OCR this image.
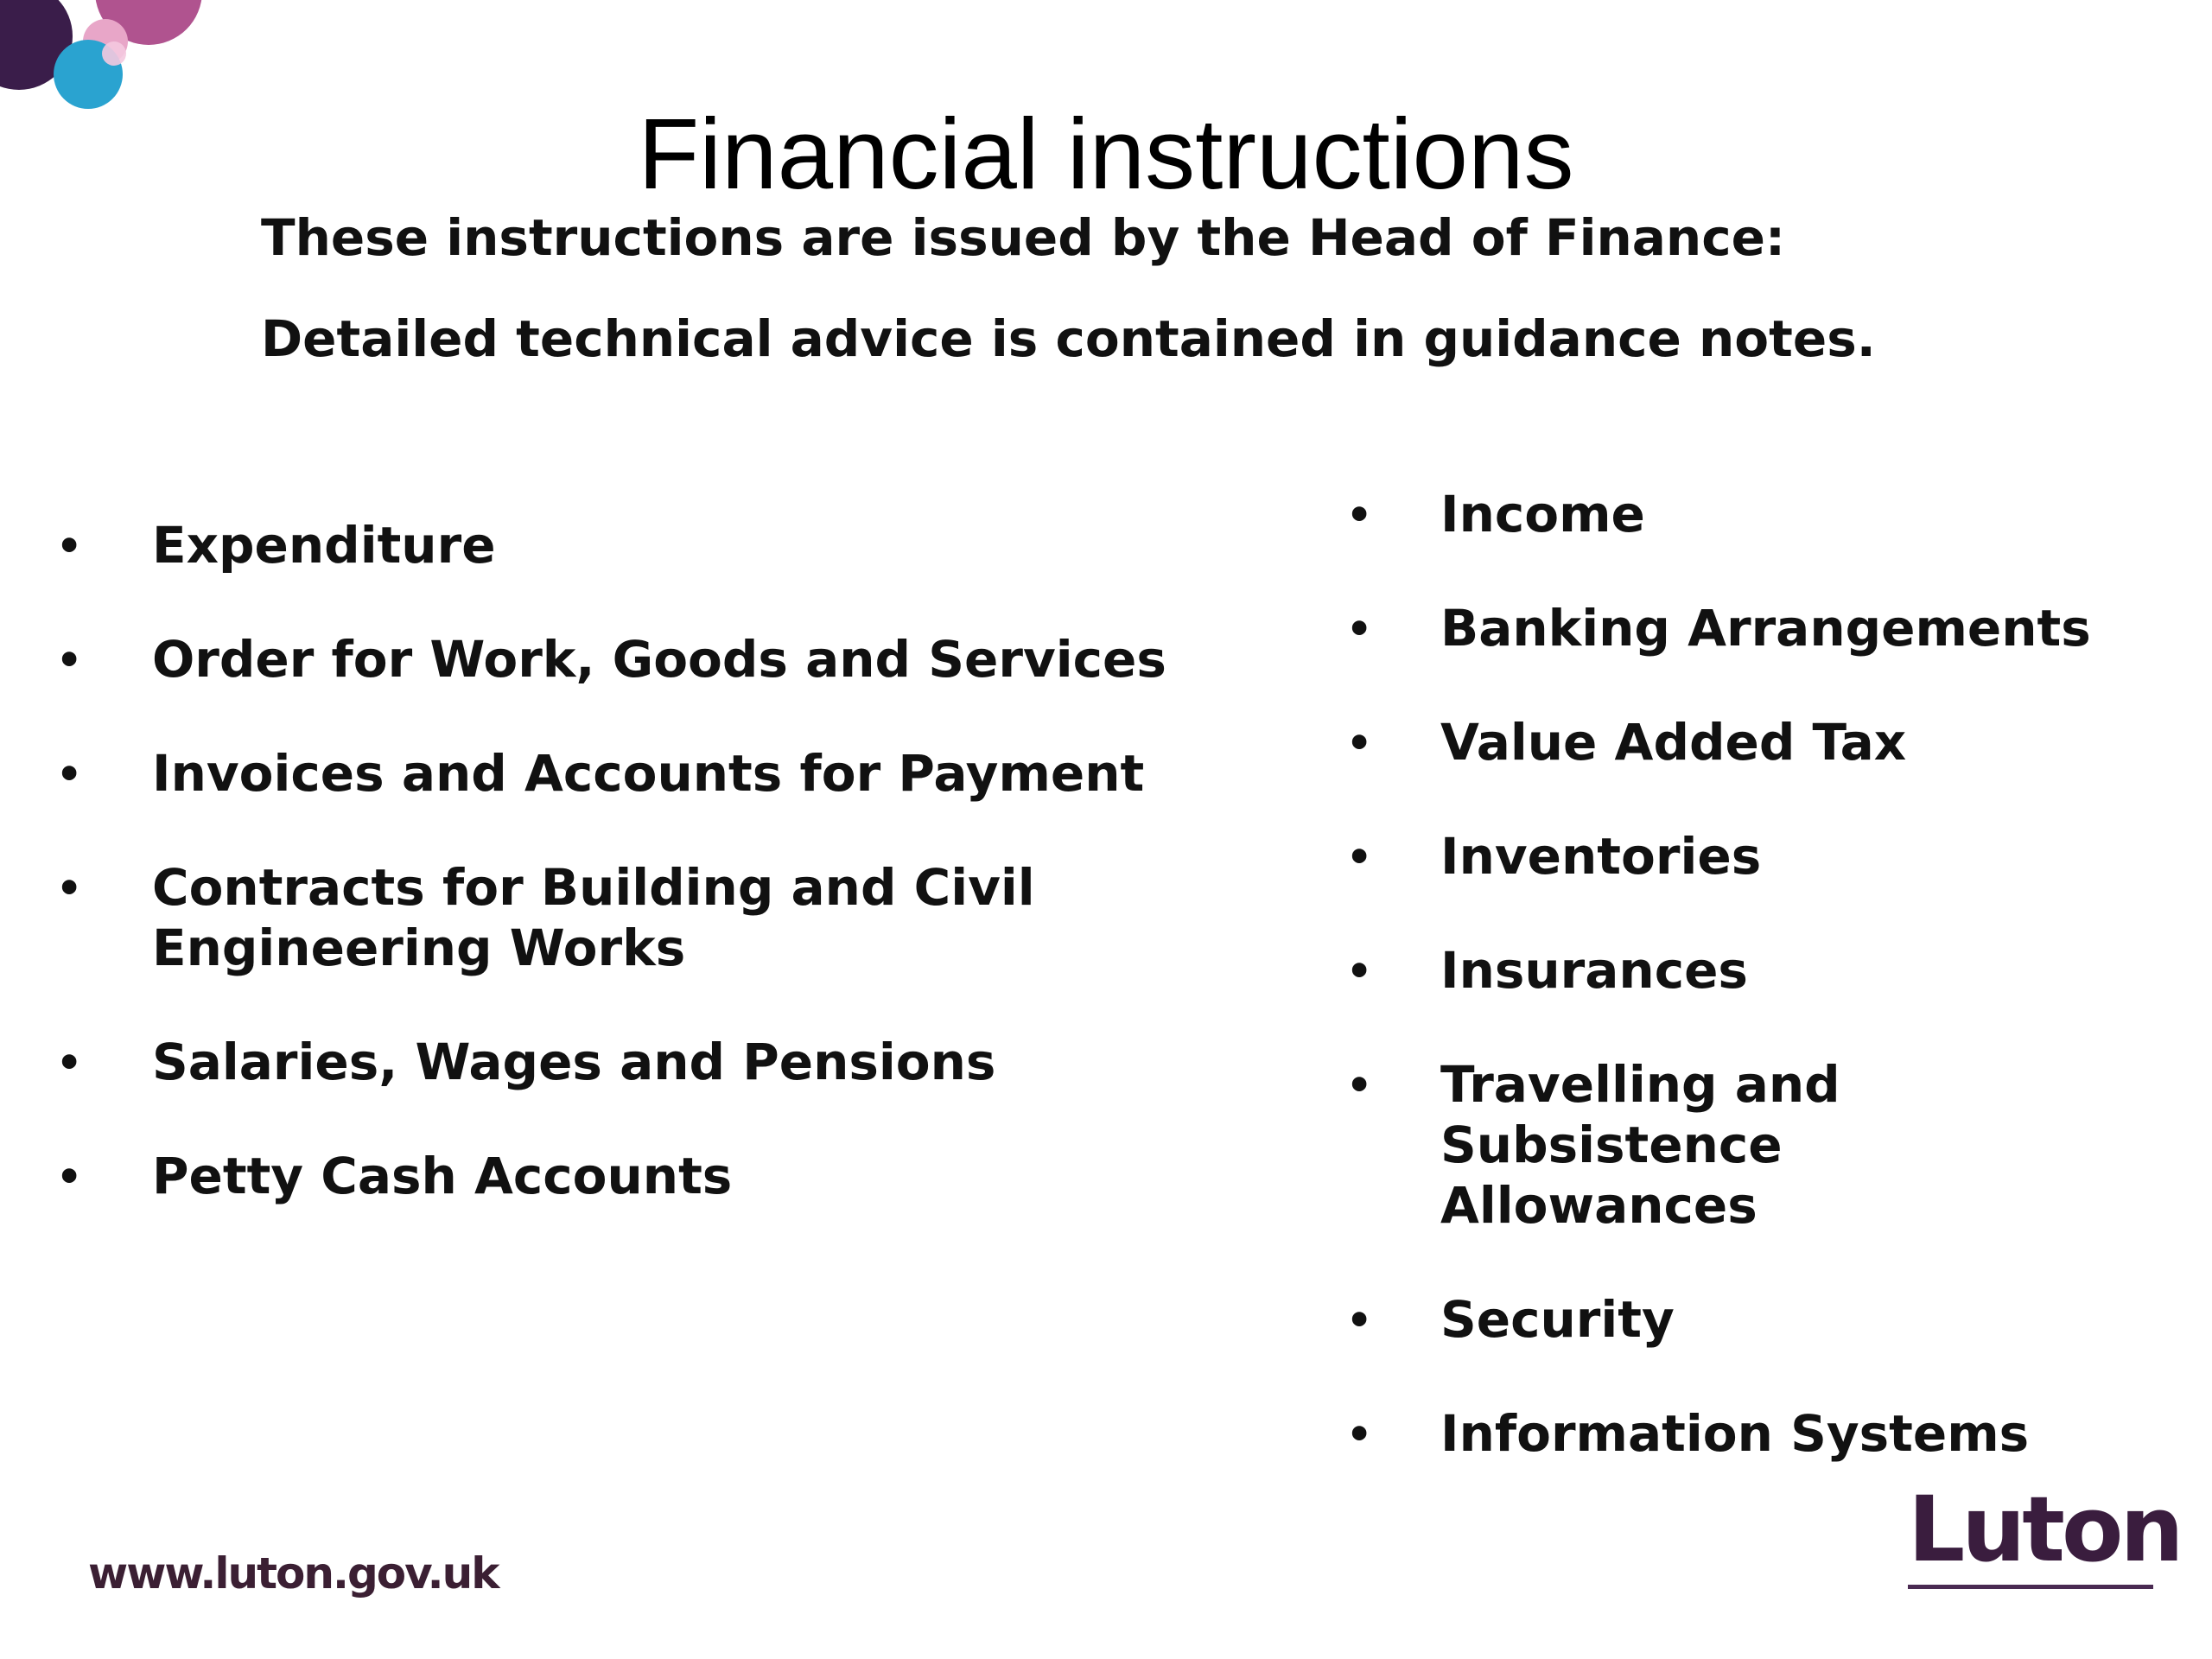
Financial instructions

These instructions are issued by the Head of Finance:

Detailed technical advice is contained in guidance notes.

•	Expenditure
•	Order for Work, Goods and Services
•	Invoices and Accounts for Payment
•	Contracts for Building and Civil Engineering Works
•	Salaries, Wages and Pensions
•	Petty Cash Accounts
•	Income
•	Banking Arrangements
•	Value Added Tax
•	Inventories
•	Insurances
•	Travelling and Subsistence Allowances
•	Security
•	Information Systems
www.luton.gov.uk	Luton
